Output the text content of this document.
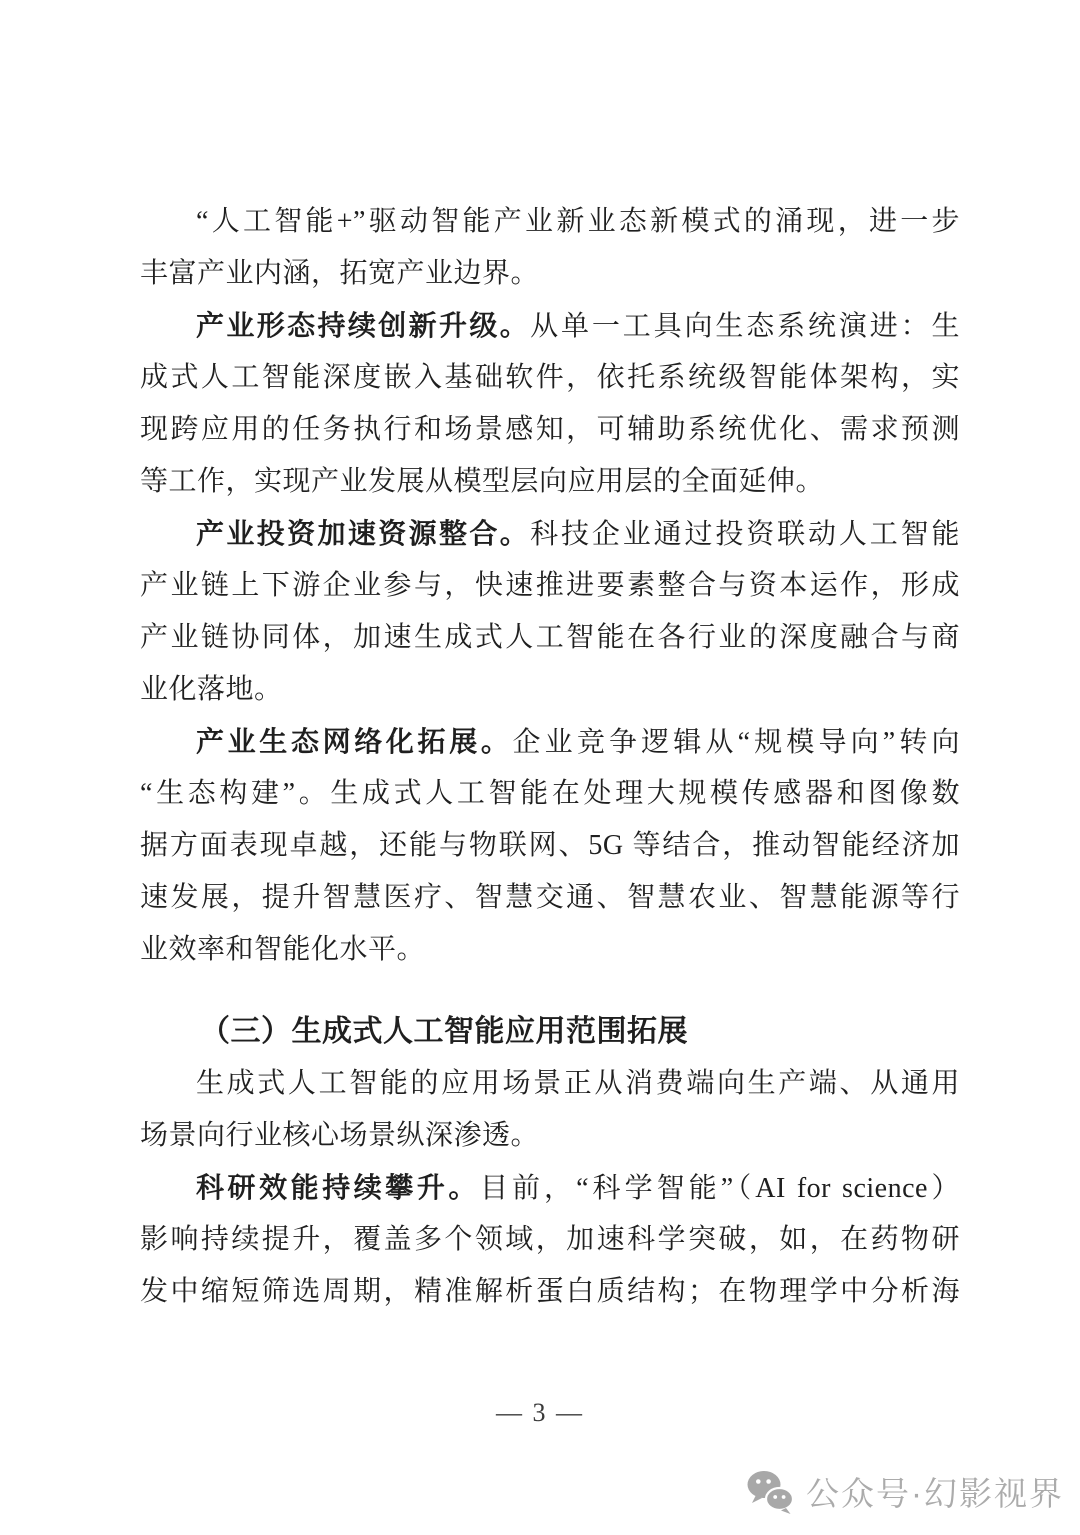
“人工智能+”驱动智能产业新业态新模式的涌现，进一步
丰富产业内涵，拓宽产业边界。
产业形态持续创新升级。从单一工具向生态系统演进：生
成式人工智能深度嵌入基础软件，依托系统级智能体架构，实
现跨应用的任务执行和场景感知，可辅助系统优化、需求预测
等工作，实现产业发展从模型层向应用层的全面延伸。
产业投资加速资源整合。科技企业通过投资联动人工智能
产业链上下游企业参与，快速推进要素整合与资本运作，形成
产业链协同体，加速生成式人工智能在各行业的深度融合与商
业化落地。
产业生态网络化拓展。企业竞争逻辑从“规模导向”转向
“生态构建”。生成式人工智能在处理大规模传感器和图像数
据方面表现卓越，还能与物联网、5G 等结合，推动智能经济加
速发展，提升智慧医疗、智慧交通、智慧农业、智慧能源等行
业效率和智能化水平。
（三）生成式人工智能应用范围拓展
生成式人工智能的应用场景正从消费端向生产端、从通用
场景向行业核心场景纵深渗透。
科研效能持续攀升。目前，“科学智能”（AI for science）
影响持续提升，覆盖多个领域，加速科学突破，如，在药物研
发中缩短筛选周期，精准解析蛋白质结构；在物理学中分析海
— 3 —
公众号·幻影视界
